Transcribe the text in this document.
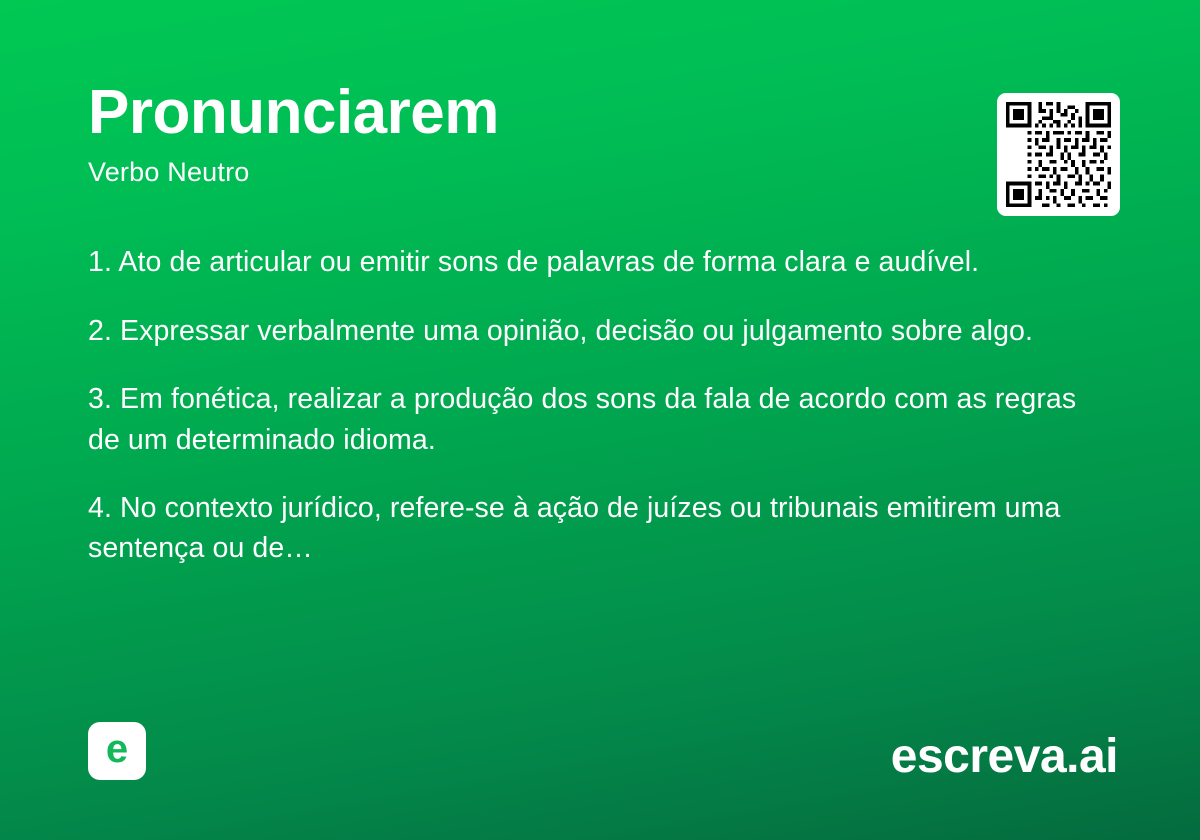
Pronunciarem
Verbo Neutro

1. Ato de articular ou emitir sons de palavras de forma clara e audível.

2. Expressar verbalmente uma opinião, decisão ou julgamento sobre algo.

3. Em fonética, realizar a produção dos sons da fala de acordo com as regras de um determinado idioma.

4. No contexto jurídico, refere-se à ação de juízes ou tribunais emitirem uma sentença ou de…

e	escreva.ai
